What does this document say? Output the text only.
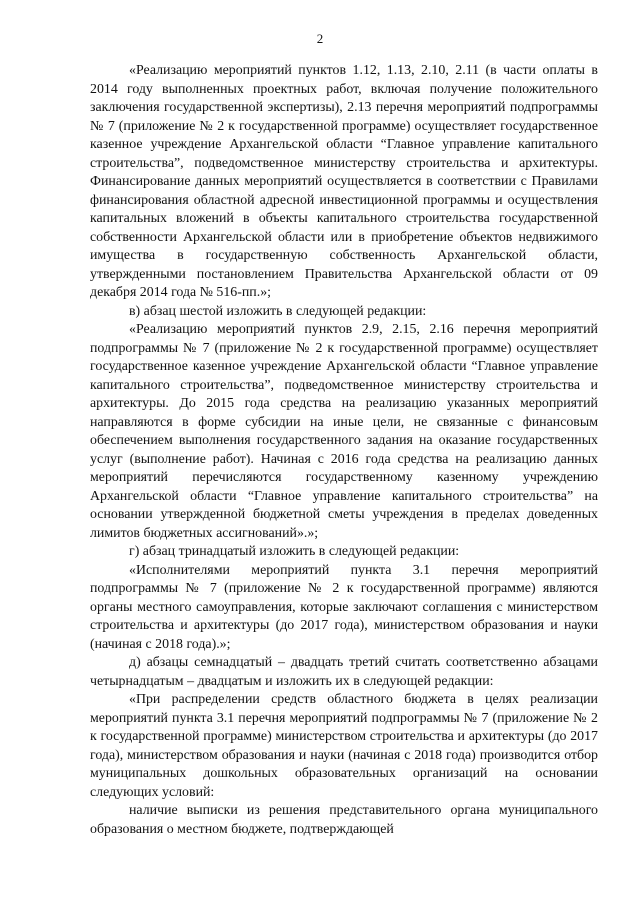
2

«Реализацию мероприятий пунктов 1.12, 1.13, 2.10, 2.11 (в части оплаты в 2014 году выполненных проектных работ, включая получение положительного заключения государственной экспертизы), 2.13 перечня мероприятий подпрограммы № 7 (приложение № 2 к государственной программе) осуществляет государственное казенное учреждение Архангельской области “Главное управление капитального строительства”, подведомственное министерству строительства и архитектуры. Финансирование данных мероприятий осуществляется в соответствии с Правилами финансирования областной адресной инвестиционной программы и осуществления капитальных вложений в объекты капитального строительства государственной собственности Архангельской области или в приобретение объектов недвижимого имущества в государственную собственность Архангельской области, утвержденными постановлением Правительства Архангельской области от 09 декабря 2014 года № 516-пп.»;

в) абзац шестой изложить в следующей редакции:

«Реализацию мероприятий пунктов 2.9, 2.15, 2.16 перечня мероприятий подпрограммы № 7 (приложение № 2 к государственной программе) осуществляет государственное казенное учреждение Архангельской области “Главное управление капитального строительства”, подведомственное министерству строительства и архитектуры. До 2015 года средства на реализацию указанных мероприятий направляются в форме субсидии на иные цели, не связанные с финансовым обеспечением выполнения государственного задания на оказание государственных услуг (выполнение работ). Начиная с 2016 года средства на реализацию данных мероприятий перечисляются государственному казенному учреждению Архангельской области “Главное управление капитального строительства” на основании утвержденной бюджетной сметы учреждения в пределах доведенных лимитов бюджетных ассигнований».»;

г) абзац тринадцатый изложить в следующей редакции:

«Исполнителями мероприятий пункта 3.1 перечня мероприятий подпрограммы № 7 (приложение № 2 к государственной программе) являются органы местного самоуправления, которые заключают соглашения с министерством строительства и архитектуры (до 2017 года), министерством образования и науки (начиная с 2018 года).»;

д) абзацы семнадцатый – двадцать третий считать соответственно абзацами четырнадцатым – двадцатым и изложить их в следующей редакции:

«При распределении средств областного бюджета в целях реализации мероприятий пункта 3.1 перечня мероприятий подпрограммы № 7 (приложение № 2 к государственной программе) министерством строительства и архитектуры (до 2017 года), министерством образования и науки (начиная с 2018 года) производится отбор муниципальных дошкольных образовательных организаций на основании следующих условий:

наличие выписки из решения представительного органа муниципального образования о местном бюджете, подтверждающей
